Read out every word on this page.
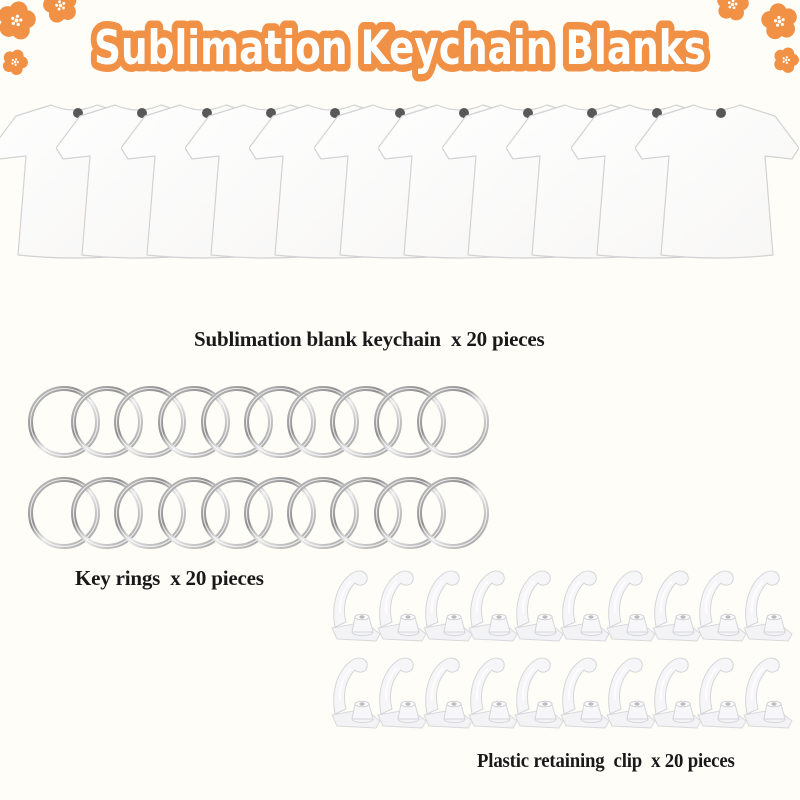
Sublimation Keychain Blanks
Sublimation blank keychain  x 20 pieces
Key rings  x 20 pieces
Plastic retaining  clip  x 20 pieces
